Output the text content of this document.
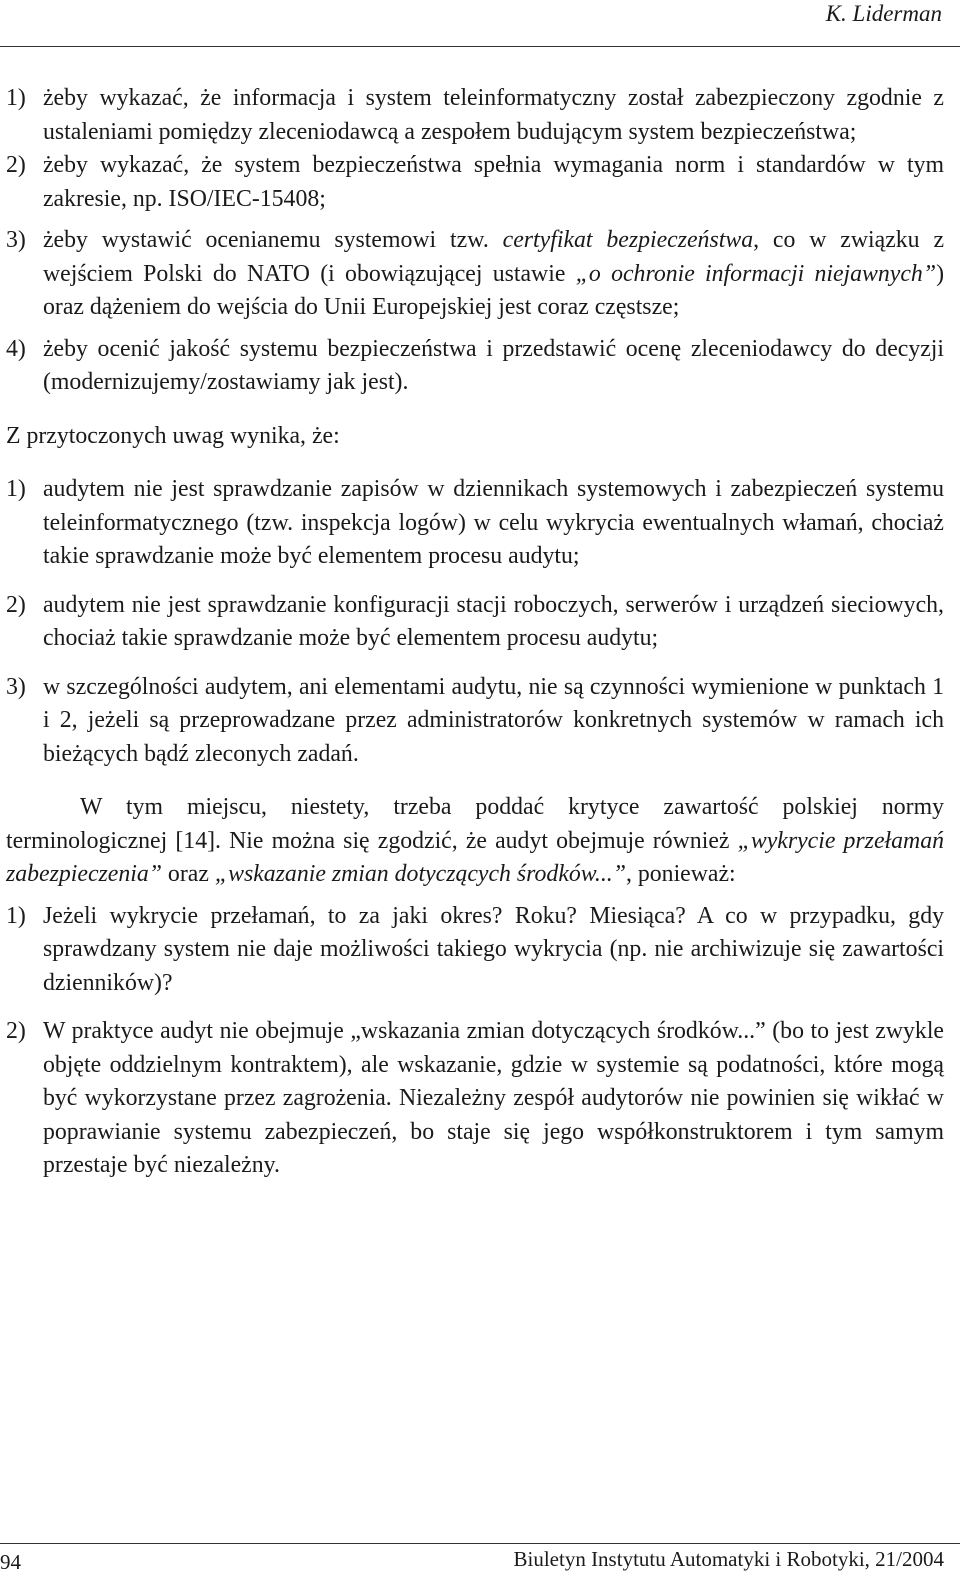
K. Liderman
1) żeby wykazać, że informacja i system teleinformatyczny został zabezpieczony zgodnie z ustaleniami pomiędzy zleceniodawcą a zespołem budującym system bezpieczeństwa;
2) żeby wykazać, że system bezpieczeństwa spełnia wymagania norm i standardów w tym zakresie, np. ISO/IEC-15408;
3) żeby wystawić ocenianemu systemowi tzw. certyfikat bezpieczeństwa, co w związku z wejściem Polski do NATO (i obowiązującej ustawie „o ochronie informacji niejawnych”) oraz dążeniem do wejścia do Unii Europejskiej jest coraz częstsze;
4) żeby ocenić jakość systemu bezpieczeństwa i przedstawić ocenę zleceniodawcy do decyzji (modernizujemy/zostawiamy jak jest).

Z przytoczonych uwag wynika, że:

1) audytem nie jest sprawdzanie zapisów w dziennikach systemowych i zabezpieczeń systemu teleinformatycznego (tzw. inspekcja logów) w celu wykrycia ewentualnych włamań, chociaż takie sprawdzanie może być elementem procesu audytu;
2) audytem nie jest sprawdzanie konfiguracji stacji roboczych, serwerów i urządzeń sieciowych, chociaż takie sprawdzanie może być elementem procesu audytu;
3) w szczególności audytem, ani elementami audytu, nie są czynności wymienione w punktach 1 i 2, jeżeli są przeprowadzane przez administratorów konkretnych systemów w ramach ich bieżących bądź zleconych zadań.

W tym miejscu, niestety, trzeba poddać krytyce zawartość polskiej normy terminologicznej [14]. Nie można się zgodzić, że audyt obejmuje również „wykrycie przełamań zabezpieczenia” oraz „wskazanie zmian dotyczących środków...”, ponieważ:

1) Jeżeli wykrycie przełamań, to za jaki okres? Roku? Miesiąca? A co w przypadku, gdy sprawdzany system nie daje możliwości takiego wykrycia (np. nie archiwizuje się zawartości dzienników)?
2) W praktyce audyt nie obejmuje „wskazania zmian dotyczących środków...” (bo to jest zwykle objęte oddzielnym kontraktem), ale wskazanie, gdzie w systemie są podatności, które mogą być wykorzystane przez zagrożenia. Niezależny zespół audytorów nie powinien się wikłać w poprawianie systemu zabezpieczeń, bo staje się jego współkonstruktorem i tym samym przestaje być niezależny.
94	Biuletyn Instytutu Automatyki i Robotyki, 21/2004
